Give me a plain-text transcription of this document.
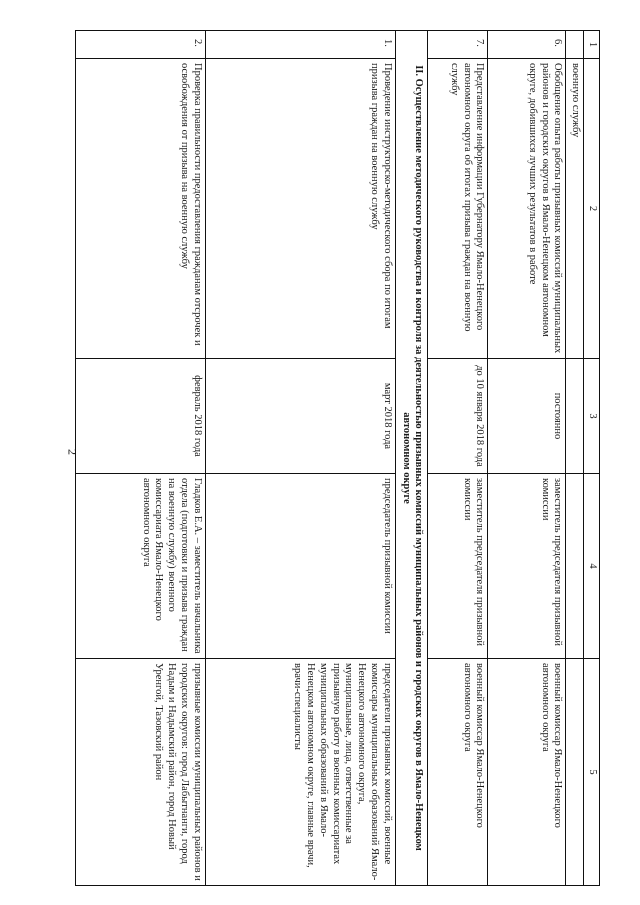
2
1	2	3	4	5
	военную службу			
6.	Обобщение опыта работы призывных комиссий муниципальных районов и городских округов в Ямало-Ненецком автономном округе, добившихся лучших результатов в работе	постоянно	заместитель председателя призывной комиссии	военный комиссар Ямало-Ненецкого автономного округа
7.	Представление информации Губернатору Ямало-Ненецкого автономного округа об итогах призыва граждан на военную службу	до 10 января 2018 года	заместитель председателя призывной комиссии	военный комиссар Ямало-Ненецкого автономного округа
II. Осуществление методического руководства и контроля за деятельностью призывных комиссий муниципальных районов и городских округов в Ямало-Ненецком автономном округе				
1.	Проведение инструкторско-методического сбора по итогам призыва граждан на военную службу	март 2018 года	председатель призывной комиссии	председатели призывных комиссий, военные комиссары муниципальных образований Ямало-Ненецкого автономного округа, муниципальные, лица, ответственные за призывную работу в военных комиссариатах муниципальных образований в Ямало-Ненецком автономном округе, главные врачи, врачи-специалисты
2.	Проверка правильности предоставления гражданам отсрочек и освобождения от призыва на военную службу	февраль 2018 года	Гладков Е.А. – заместитель начальника отдела (подготовки и призыва граждан на военную службу) военного комиссариата Ямало-Ненецкого автономного округа	призывные комиссии муниципальных районов и городских округов: город Лабытнанги, город Надым и Надымский район, город Новый Уренгой, Тазовский район
